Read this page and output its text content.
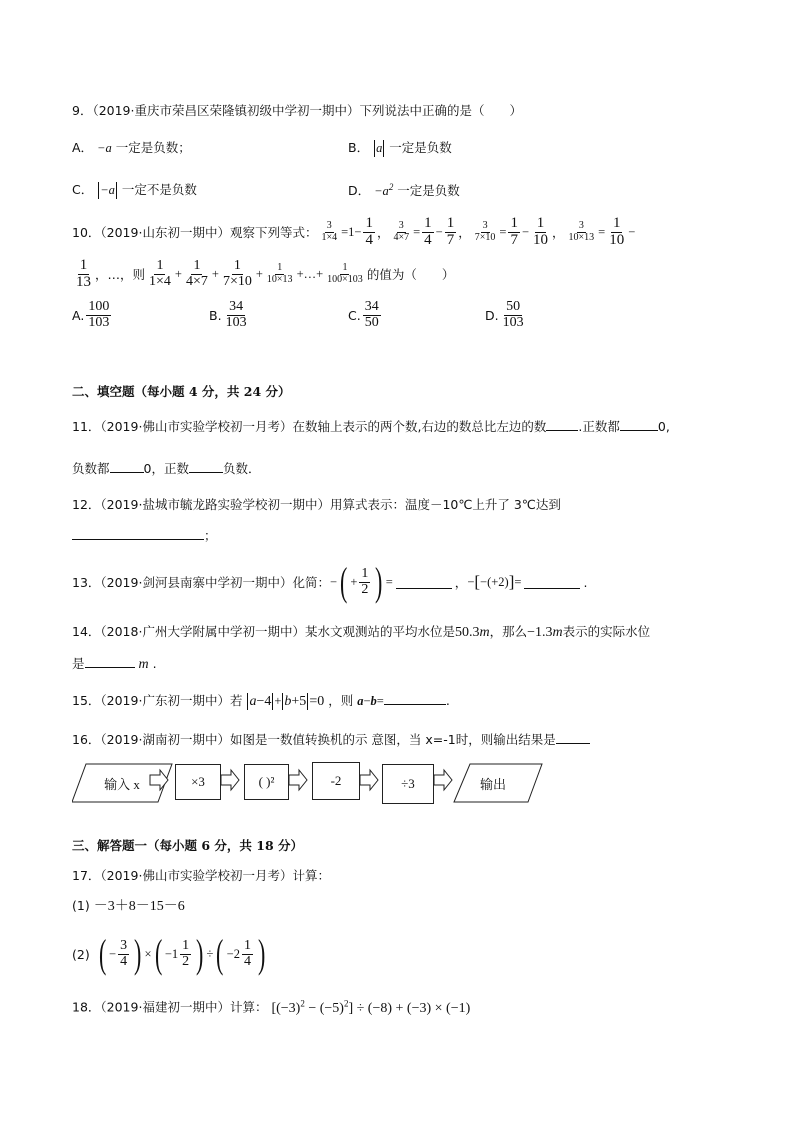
9．（2019·重庆市荣昌区荣隆镇初级中学初一期中）下列说法中正确的是（　　）
A． −a 一定是负数；	B． a 一定是负数
C． −a 一定不是负数	D． $-a^2$ 一定是负数
10．（2019·山东初一期中）观察下列等式： $\frac{3}{1\times 4} =1- \frac{1}{4}$ ， $\frac{3}{4\times 7} = \frac{1}{4} - \frac{1}{7}$ ， $\frac{3}{7\times 10} = \frac{1}{7} - \frac{1}{10}$ ， $\frac{3}{10\times 13} = \frac{1}{10}$ −
$\frac{1}{13}$ ，…，则 $\frac{1}{1\times 4} + \frac{1}{4\times 7} + \frac{1}{7\times 10} + \frac{1}{10\times 13}$ +…+ $\frac{1}{100\times 103}$ 的值为（　　）
A. $\frac{100}{103}$	B. $\frac{34}{103}$	C. $\frac{34}{50}$	D. $\frac{50}{103}$
二、填空题（每小题 4 分，共 24 分）
11．（2019·佛山市实验学校初一月考）在数轴上表示的两个数,右边的数总比左边的数	.正数都	0,
负数都	0，正数	负数．
12．（2019·盐城市毓龙路实验学校初一期中）用算式表示：温度－10℃上升了 3℃达到
；
13．（2019·剑河县南寨中学初一期中）化简： − ( + $\frac{1}{2}$ ) =	， − [ −(+2) ] =	.
14．（2018·广州大学附属中学初一期中）某水文观测站的平均水位是50.3m，那么−1.3m表示的实际水位
是	m .
15．（2019·广东初一期中）若 a−4 + b+5 =0 ，则 a−b=	.
16．（2019·湖南初一期中）如图是一数值转换机的示 意图，当 x=-1时，则输出结果是
输入 x	×3	( )²	-2	÷3	输出
三、解答题一（每小题 6 分，共 18 分）
17．（2019·佛山市实验学校初一月考）计算：
(1) －3＋8－15－6
(2) ( − $\frac{3}{4}$ ) × ( $-1 \frac{1}{2}$ ) ÷ ( $-2 \frac{1}{4}$ )
18．（2019·福建初一期中）计算： $[(-3)^2 - (-5)^2] \div (-8) + (-3) \times (-1)$
